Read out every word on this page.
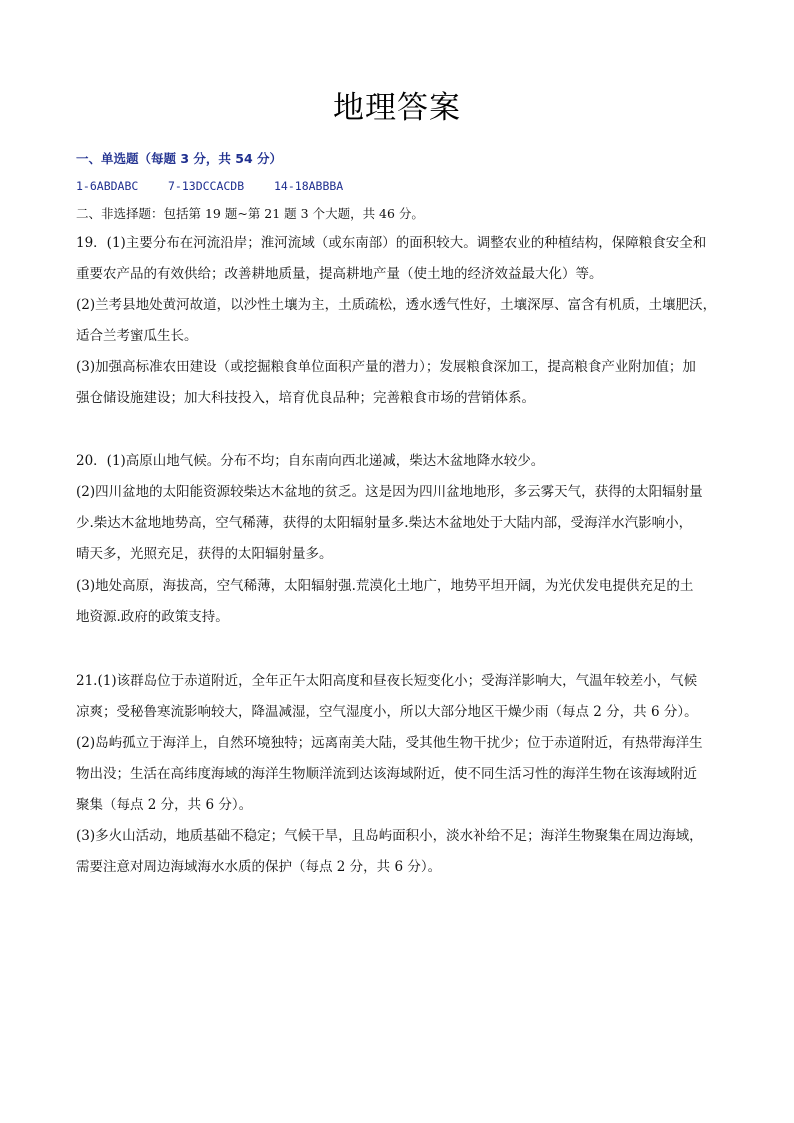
地理答案
一、单选题（每题 3 分，共 54 分）
1-6ABDABC	7-13DCCACDB	14-18ABBBA
二、非选择题：包括第 19 题~第 21 题 3 个大题，共 46 分。
19．(1)主要分布在河流沿岸；淮河流域（或东南部）的面积较大。调整农业的种植结构，保障粮食安全和
重要农产品的有效供给；改善耕地质量，提高耕地产量（使土地的经济效益最大化）等。
(2)兰考县地处黄河故道，以沙性土壤为主，土质疏松，透水透气性好，土壤深厚、富含有机质，土壤肥沃，
适合兰考蜜瓜生长。
(3)加强高标准农田建设（或挖掘粮食单位面积产量的潜力）；发展粮食深加工，提高粮食产业附加值；加
强仓储设施建设；加大科技投入，培育优良品种；完善粮食市场的营销体系。
20．(1)高原山地气候。分布不均；自东南向西北递减，柴达木盆地降水较少。
(2)四川盆地的太阳能资源较柴达木盆地的贫乏。这是因为四川盆地地形，多云雾天气，获得的太阳辐射量
少.柴达木盆地地势高，空气稀薄，获得的太阳辐射量多.柴达木盆地处于大陆内部，受海洋水汽影响小，
晴天多，光照充足，获得的太阳辐射量多。
(3)地处高原，海拔高，空气稀薄，太阳辐射强.荒漠化土地广，地势平坦开阔，为光伏发电提供充足的土
地资源.政府的政策支持。
21.(1)该群岛位于赤道附近，全年正午太阳高度和昼夜长短变化小；受海洋影响大，气温年较差小，气候
凉爽；受秘鲁寒流影响较大，降温减湿，空气湿度小，所以大部分地区干燥少雨（每点 2 分，共 6 分）。
(2)岛屿孤立于海洋上，自然环境独特；远离南美大陆，受其他生物干扰少；位于赤道附近，有热带海洋生
物出没；生活在高纬度海域的海洋生物顺洋流到达该海域附近，使不同生活习性的海洋生物在该海域附近
聚集（每点 2 分，共 6 分）。
(3)多火山活动，地质基础不稳定；气候干旱，且岛屿面积小，淡水补给不足；海洋生物聚集在周边海域，
需要注意对周边海域海水水质的保护（每点 2 分，共 6 分）。
